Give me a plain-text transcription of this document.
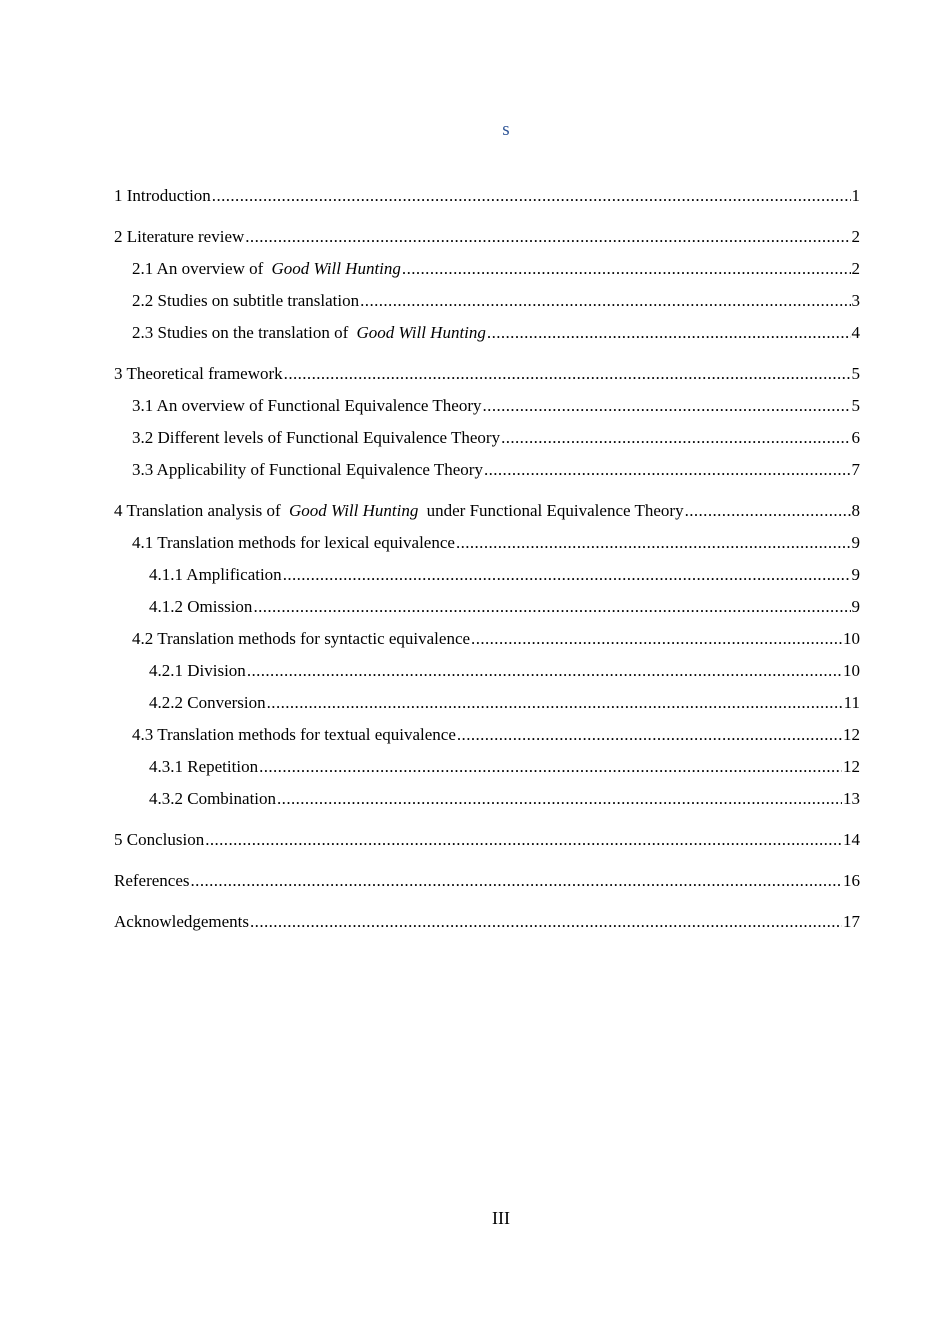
s
1 Introduction .....	1
2 Literature review .....	2
2.1 An overview of Good Will Hunting .....	2
2.2 Studies on subtitle translation .....	3
2.3 Studies on the translation of Good Will Hunting .....	4
3 Theoretical framework .....	5
3.1 An overview of Functional Equivalence Theory .....	5
3.2 Different levels of Functional Equivalence Theory .....	6
3.3 Applicability of Functional Equivalence Theory .....	7
4 Translation analysis of Good Will Hunting under Functional Equivalence Theory .....	8
4.1 Translation methods for lexical equivalence .....	9
4.1.1 Amplification .....	9
4.1.2 Omission .....	9
4.2 Translation methods for syntactic equivalence .....	10
4.2.1 Division .....	10
4.2.2 Conversion .....	11
4.3 Translation methods for textual equivalence .....	12
4.3.1 Repetition .....	12
4.3.2 Combination .....	13
5 Conclusion .....	14
References .....	16
Acknowledgements .....	17
III
